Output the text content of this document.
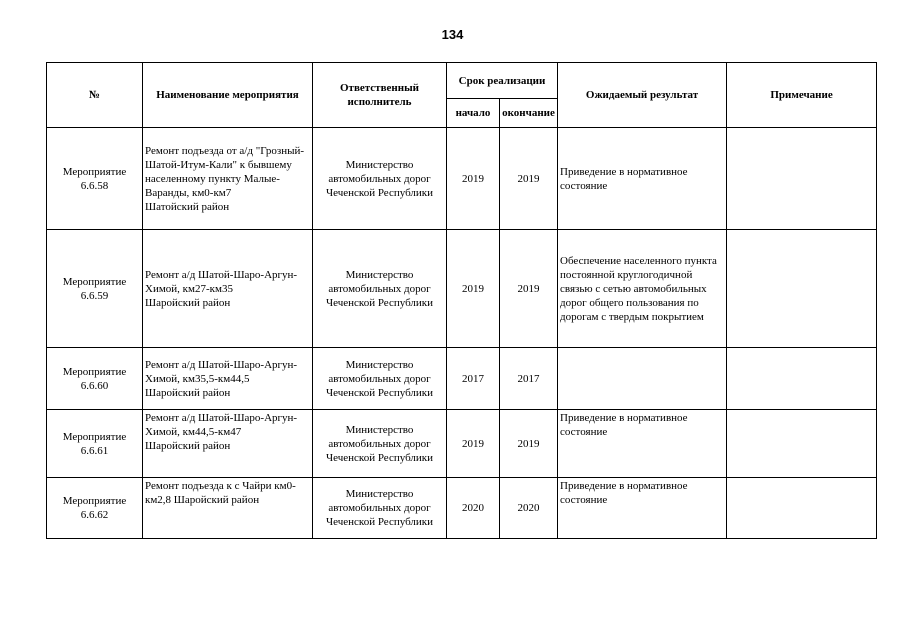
134
№	Наименование мероприятия	Ответственный исполнитель	Срок реализации		Ожидаемый результат	Примечание
			начало	окончание		
Мероприятие 6.6.58	Ремонт подъезда от а/д "Грозный-Шатой-Итум-Кали" к бывшему населенному пункту Малые-Варанды, км0-км7
Шатойский район	Министерство автомобильных дорог Чеченской Республики	2019	2019	Приведение в нормативное состояние	
Мероприятие 6.6.59	Ремонт а/д Шатой-Шаро-Аргун-Химой, км27-км35
Шаройский район	Министерство автомобильных дорог Чеченской Республики	2019	2019	Обеспечение населенного пункта постоянной круглогодичной связью с сетью автомобильных дорог общего пользования по дорогам с твердым покрытием	
Мероприятие 6.6.60	Ремонт а/д Шатой-Шаро-Аргун-Химой, км35,5-км44,5
Шаройский район	Министерство автомобильных дорог Чеченской Республики	2017	2017		
Мероприятие 6.6.61	Ремонт а/д Шатой-Шаро-Аргун-Химой, км44,5-км47
Шаройский район	Министерство автомобильных дорог Чеченской Республики	2019	2019	Приведение в нормативное состояние	
Мероприятие 6.6.62	Ремонт подъезда к с Чайри км0-км2,8 Шаройский район	Министерство автомобильных дорог Чеченской Республики	2020	2020	Приведение в нормативное состояние	
